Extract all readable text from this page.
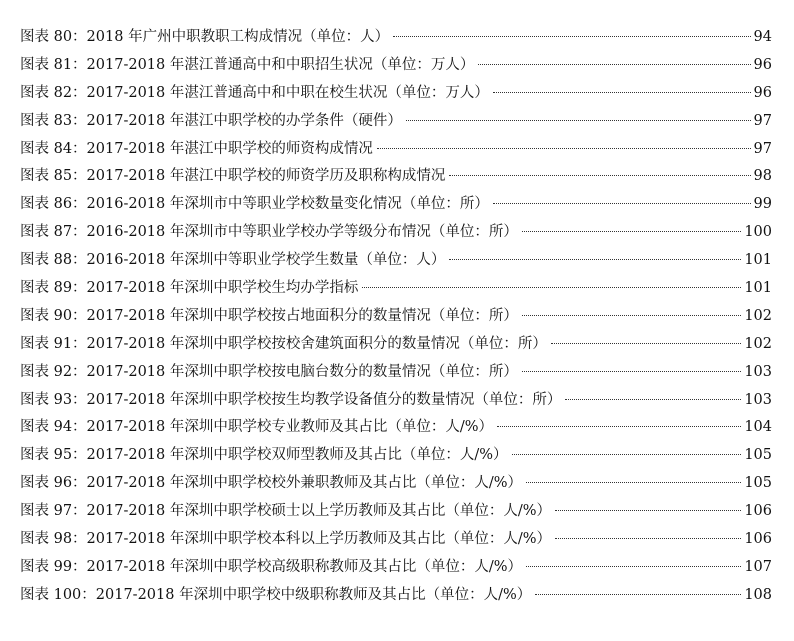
图表 80：2018 年广州中职教职工构成情况（单位：人）	94
图表 81：2017-2018 年湛江普通高中和中职招生状况（单位：万人）	96
图表 82：2017-2018 年湛江普通高中和中职在校生状况（单位：万人）	96
图表 83：2017-2018 年湛江中职学校的办学条件（硬件）	97
图表 84：2017-2018 年湛江中职学校的师资构成情况	97
图表 85：2017-2018 年湛江中职学校的师资学历及职称构成情况	98
图表 86：2016-2018 年深圳市中等职业学校数量变化情况（单位：所）	99
图表 87：2016-2018 年深圳市中等职业学校办学等级分布情况（单位：所）	100
图表 88：2016-2018 年深圳中等职业学校学生数量（单位：人）	101
图表 89：2017-2018 年深圳中职学校生均办学指标	101
图表 90：2017-2018 年深圳中职学校按占地面积分的数量情况（单位：所）	102
图表 91：2017-2018 年深圳中职学校按校舍建筑面积分的数量情况（单位：所）	102
图表 92：2017-2018 年深圳中职学校按电脑台数分的数量情况（单位：所）	103
图表 93：2017-2018 年深圳中职学校按生均教学设备值分的数量情况（单位：所）	103
图表 94：2017-2018 年深圳中职学校专业教师及其占比（单位：人/%）	104
图表 95：2017-2018 年深圳中职学校双师型教师及其占比（单位：人/%）	105
图表 96：2017-2018 年深圳中职学校校外兼职教师及其占比（单位：人/%）	105
图表 97：2017-2018 年深圳中职学校硕士以上学历教师及其占比（单位：人/%）	106
图表 98：2017-2018 年深圳中职学校本科以上学历教师及其占比（单位：人/%）	106
图表 99：2017-2018 年深圳中职学校高级职称教师及其占比（单位：人/%）	107
图表 100：2017-2018 年深圳中职学校中级职称教师及其占比（单位：人/%）	108
